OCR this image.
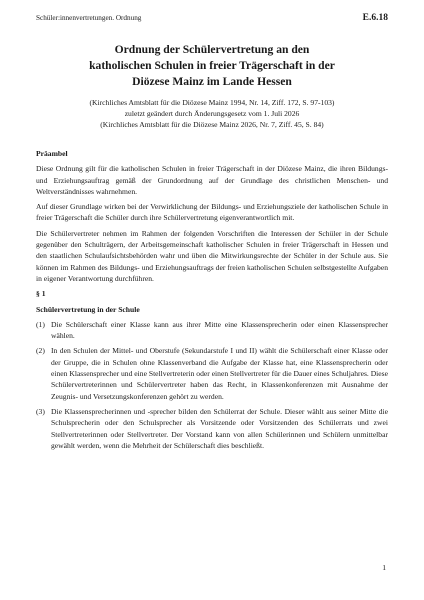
Schüler:innenvertretungen. Ordnung	E.6.18
Ordnung der Schülervertretung an den
katholischen Schulen in freier Trägerschaft in der
Diözese Mainz im Lande Hessen
(Kirchliches Amtsblatt für die Diözese Mainz 1994, Nr. 14, Ziff. 172, S. 97-103)
zuletzt geändert durch Änderungsgesetz vom 1. Juli 2026
(Kirchliches Amtsblatt für die Diözese Mainz 2026, Nr. 7, Ziff. 45, S. 84)

Präambel

Diese Ordnung gilt für die katholischen Schulen in freier Trägerschaft in der Diözese Mainz, die ihren Bildungs- und Erziehungsauftrag gemäß der Grundordnung auf der Grundlage des christlichen Menschen- und Weltverständnisses wahrnehmen.

Auf dieser Grundlage wirken bei der Verwirklichung der Bildungs- und Erziehungsziele der katholischen Schule in freier Trägerschaft die Schüler durch ihre Schülervertretung eigenverantwortlich mit.

Die Schülervertreter nehmen im Rahmen der folgenden Vorschriften die Interessen der Schüler in der Schule gegenüber den Schulträgern, der Arbeitsgemeinschaft katholischer Schulen in freier Trägerschaft in Hessen und den staatlichen Schulaufsichtsbehörden wahr und üben die Mitwirkungsrechte der Schüler in der Schule aus. Sie können im Rahmen des Bildungs- und Erziehungsauftrags der freien katholischen Schulen selbstgestellte Aufgaben in eigener Verantwortung durchführen.

§ 1

Schülervertretung in der Schule

(1) Die Schülerschaft einer Klasse kann aus ihrer Mitte eine Klassensprecherin oder einen Klassensprecher wählen.
(2) In den Schulen der Mittel- und Oberstufe (Sekundarstufe I und II) wählt die Schülerschaft einer Klasse oder der Gruppe, die in Schulen ohne Klassenverband die Aufgabe der Klasse hat, eine Klassensprecherin oder einen Klassensprecher und eine Stellvertreterin oder einen Stellvertreter für die Dauer eines Schuljahres. Diese Schülervertreterinnen und Schülervertreter haben das Recht, in Klassenkonferenzen mit Ausnahme der Zeugnis- und Versetzungskonferenzen gehört zu werden.
(3) Die Klassensprecherinnen und -sprecher bilden den Schülerrat der Schule. Dieser wählt aus seiner Mitte die Schulsprecherin oder den Schulsprecher als Vorsitzende oder Vorsitzenden des Schülerrats und zwei Stellvertreterinnen oder Stellvertreter. Der Vorstand kann von allen Schülerinnen und Schülern unmittelbar gewählt werden, wenn die Mehrheit der Schülerschaft dies beschließt.
1
